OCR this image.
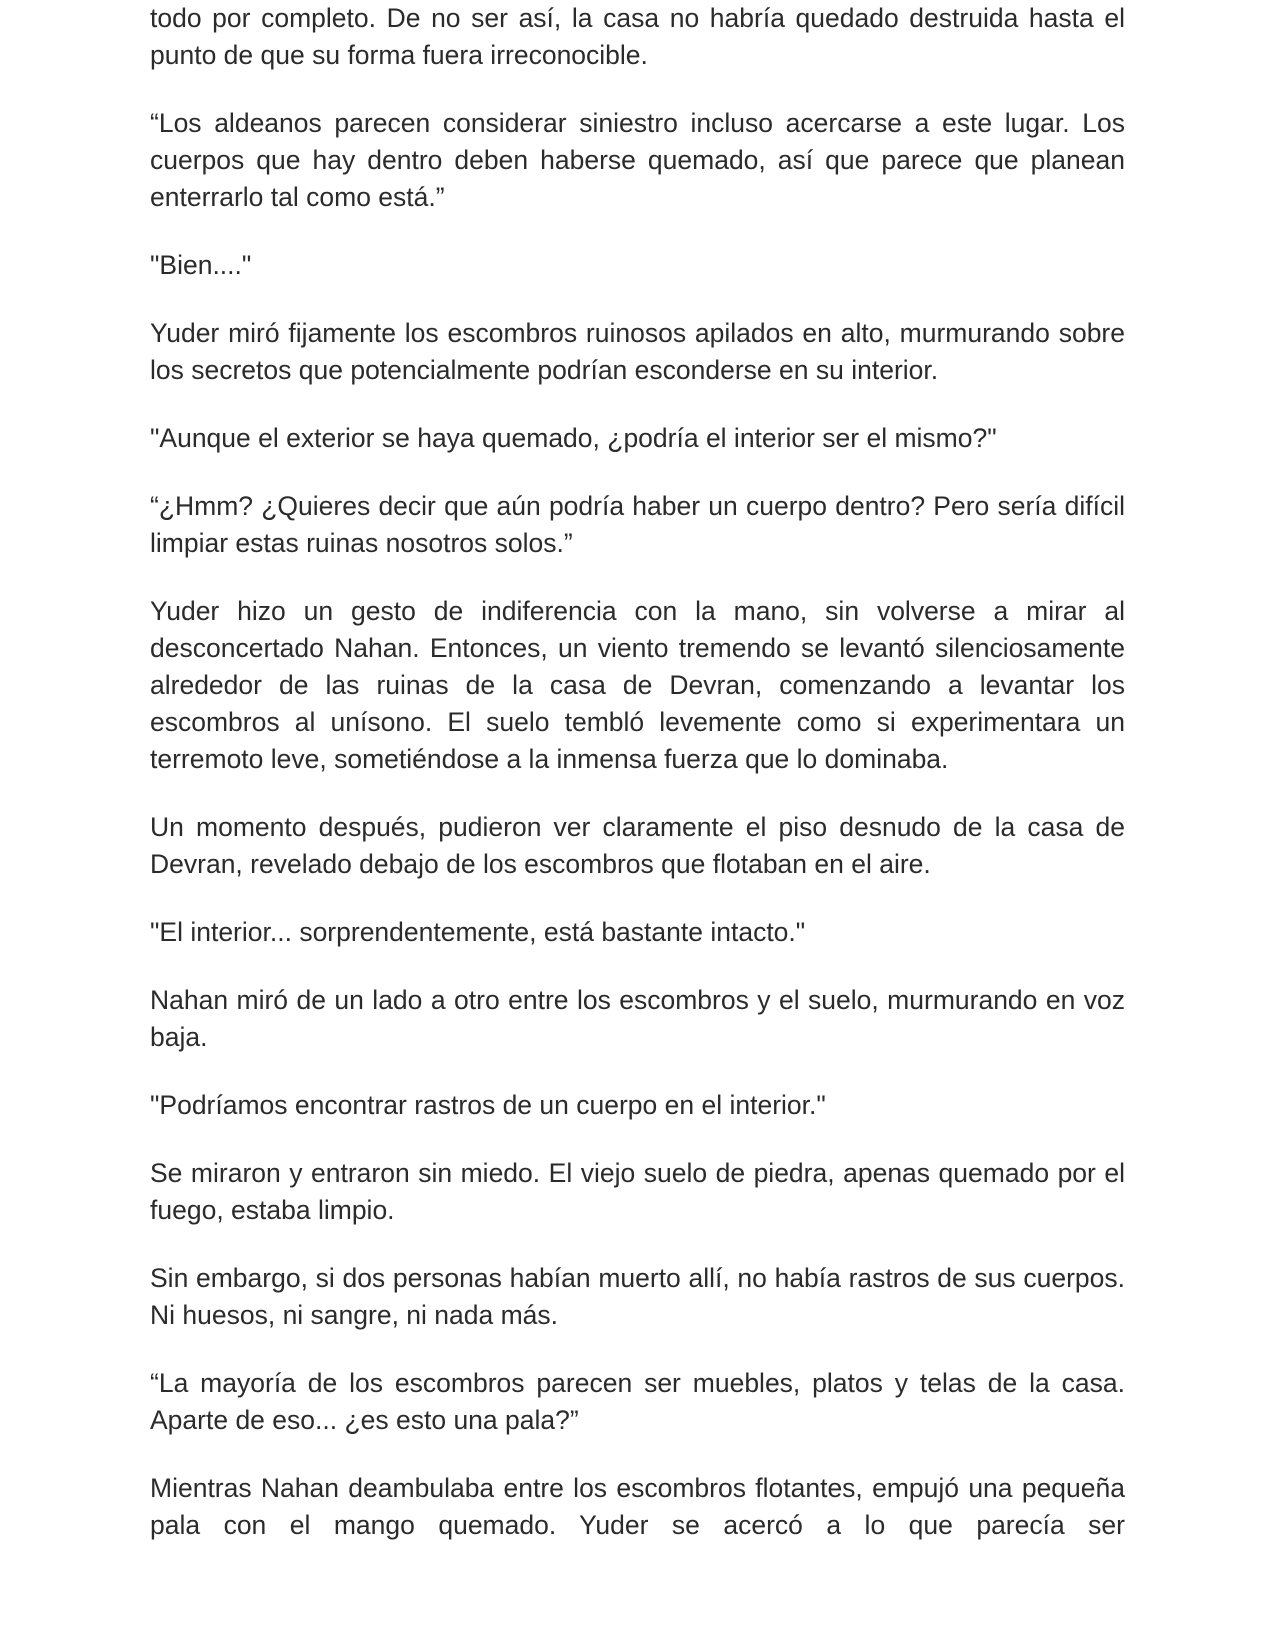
todo por completo. De no ser así, la casa no habría quedado destruida hasta el punto de que su forma fuera irreconocible.

“Los aldeanos parecen considerar siniestro incluso acercarse a este lugar. Los cuerpos que hay dentro deben haberse quemado, así que parece que planean enterrarlo tal como está.”

"Bien...."

Yuder miró fijamente los escombros ruinosos apilados en alto, murmurando sobre los secretos que potencialmente podrían esconderse en su interior.

"Aunque el exterior se haya quemado, ¿podría el interior ser el mismo?"

“¿Hmm? ¿Quieres decir que aún podría haber un cuerpo dentro? Pero sería difícil limpiar estas ruinas nosotros solos.”

Yuder hizo un gesto de indiferencia con la mano, sin volverse a mirar al desconcertado Nahan. Entonces, un viento tremendo se levantó silenciosamente alrededor de las ruinas de la casa de Devran, comenzando a levantar los escombros al unísono. El suelo tembló levemente como si experimentara un terremoto leve, sometiéndose a la inmensa fuerza que lo dominaba.

Un momento después, pudieron ver claramente el piso desnudo de la casa de Devran, revelado debajo de los escombros que flotaban en el aire.

"El interior... sorprendentemente, está bastante intacto."

Nahan miró de un lado a otro entre los escombros y el suelo, murmurando en voz baja.

"Podríamos encontrar rastros de un cuerpo en el interior."

Se miraron y entraron sin miedo. El viejo suelo de piedra, apenas quemado por el fuego, estaba limpio.

Sin embargo, si dos personas habían muerto allí, no había rastros de sus cuerpos. Ni huesos, ni sangre, ni nada más.

“La mayoría de los escombros parecen ser muebles, platos y telas de la casa. Aparte de eso... ¿es esto una pala?”

Mientras Nahan deambulaba entre los escombros flotantes, empujó una pequeña pala con el mango quemado. Yuder se acercó a lo que parecía ser
